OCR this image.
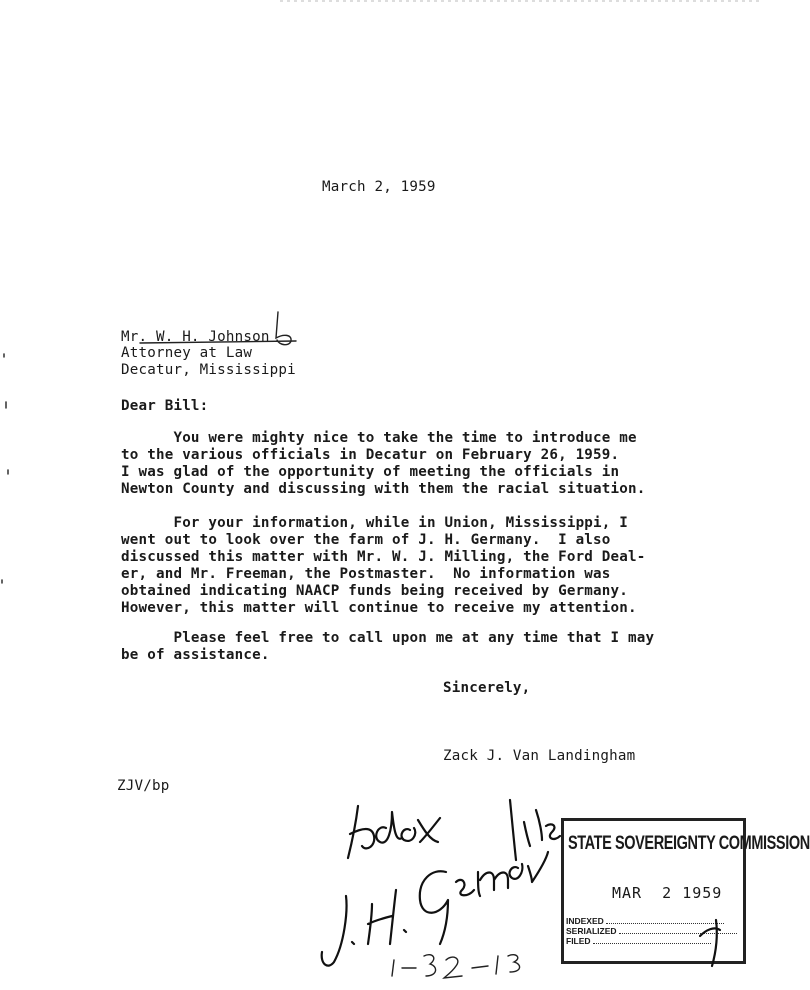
March 2, 1959
Mr. W. H. Johnson
Attorney at Law
Decatur, Mississippi
Dear Bill:
You were mighty nice to take the time to introduce me
to the various officials in Decatur on February 26, 1959.
I was glad of the opportunity of meeting the officials in
Newton County and discussing with them the racial situation.
For your information, while in Union, Mississippi, I
went out to look over the farm of J. H. Germany.  I also
discussed this matter with Mr. W. J. Milling, the Ford Deal-
er, and Mr. Freeman, the Postmaster.  No information was
obtained indicating NAACP funds being received by Germany.
However, this matter will continue to receive my attention.
Please feel free to call upon me at any time that I may
be of assistance.
Sincerely,
Zack J. Van Landingham
ZJV/bp
STATE SOVEREIGNTY COMMISSION
MAR  2 1959
INDEXED
SERIALIZED
FILED
